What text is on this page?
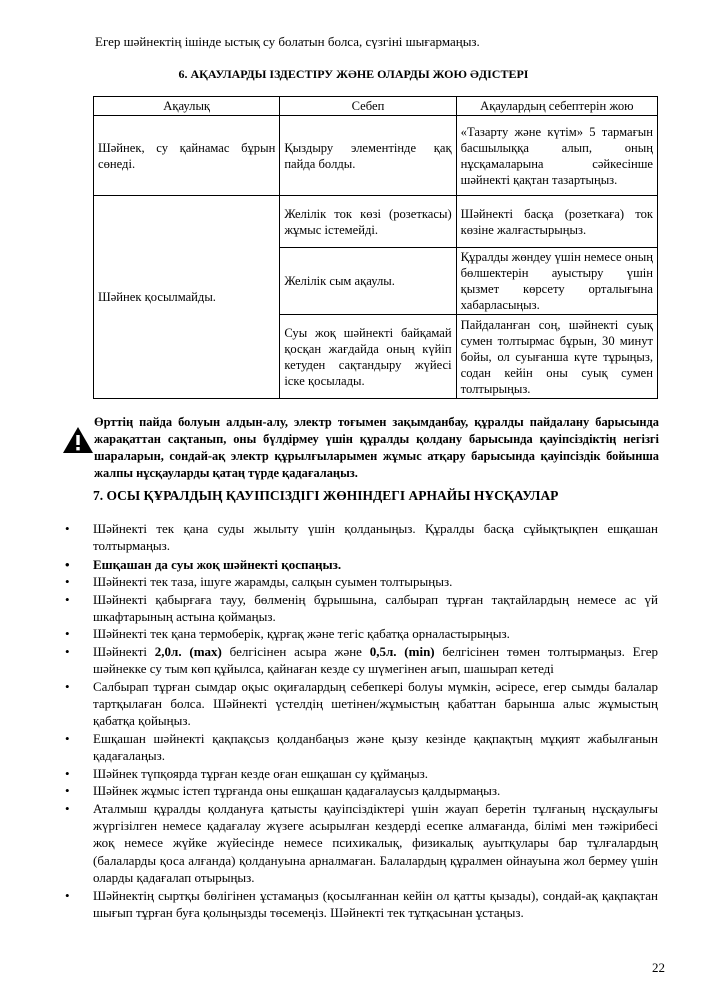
Егер шәйнектің ішінде ыстық су болатын болса, сүзгіні шығармаңыз.
6. АҚАУЛАРДЫ ІЗДЕСТІРУ ЖӘНЕ ОЛАРДЫ ЖОЮ ӘДІСТЕРІ
Ақаулық	Себеп	Ақаулардың себептерін жою
Шәйнек, су қайнамас бұрын сөнеді.	Қыздыру элементінде қақ пайда болды.	«Тазарту және күтім» 5 тармағын басшылыққа алып, оның нұсқамаларына сәйкесінше шәйнекті қақтан тазартыңыз.
Шәйнек қосылмайды.	Желілік ток көзі (розеткасы) жұмыс істемейді.	Шәйнекті басқа (розеткаға) ток көзіне жалғастырыңыз.
	Желілік сым ақаулы.	Құралды жөндеу үшін немесе оның бөлшектерін ауыстыру үшін қызмет көрсету орталығына хабарласыңыз.
	Суы жоқ шәйнекті байқамай қосқан жағдайда оның күйіп кетуден сақтандыру жүйесі іске қосылады.	Пайдаланған соң, шәйнекті суық сумен толтырмас бұрын, 30 минут бойы, ол суығанша күте тұрыңыз, содан кейін оны суық сумен толтырыңыз.
Өрттің пайда болуын алдын-алу, электр тоғымен зақымданбау, құралды пайдалану барысында жарақаттан сақтанып, оны бүлдірмеу үшін құралды қолдану барысында қауіпсіздіктің негізгі шараларын, сондай-ақ электр құрылғыларымен жұмыс атқару барысында қауіпсіздік бойынша жалпы нұсқауларды қатаң түрде қадағалаңыз.
7. ОСЫ ҚҰРАЛДЫҢ ҚАУІПСІЗДІГІ ЖӨНІНДЕГІ АРНАЙЫ НҰСҚАУЛАР
• Шәйнекті тек қана суды жылыту үшін қолданыңыз. Құралды басқа сұйықтықпен ешқашан толтырмаңыз.
• Ешқашан да суы жоқ шәйнекті қоспаңыз.
• Шәйнекті тек таза, ішуге жарамды, салқын суымен толтырыңыз.
• Шәйнекті қабырғаға тауу, бөлменің бұрышына, салбырап тұрған тақтайлардың немесе ас үй шкафтарының астына қоймаңыз.
• Шәйнекті тек қана термоберік, құрғақ және тегіс қабатқа орналастырыңыз.
• Шәйнекті 2,0л. (max) белгісінен асыра және 0,5л. (min) белгісінен төмен толтырмаңыз. Егер шәйнекке су тым көп құйылса, қайнаған кезде су шүмегінен ағып, шашырап кетеді
• Салбырап тұрған сымдар оқыс оқиғалардың себепкері болуы мүмкін, әсіресе, егер сымды балалар тартқылаған болса. Шәйнекті үстелдің шетінен/жұмыстың қабаттан барынша алыс жұмыстың қабатқа қойыңыз.
• Ешқашан шәйнекті қақпақсыз қолданбаңыз және қызу кезінде қақпақтың мұқият жабылғанын қадағалаңыз.
• Шәйнек түпқоярда тұрған кезде оған ешқашан су құймаңыз.
• Шәйнек жұмыс істеп тұрғанда оны ешқашан қадағалаусыз қалдырмаңыз.
• Аталмыш құралды қолдануға қатысты қауіпсіздіктері үшін жауап беретін тұлғаның нұсқаулығы жүргізілген немесе қадағалау жүзеге асырылған кездерді есепке алмағанда, білімі мен тәжірибесі жоқ немесе жүйке жүйесінде немесе психикалық, физикалық ауытқулары бар тұлғалардың (балаларды қоса алғанда) қолдануына арналмаған. Балалардың құралмен ойнауына жол бермеу үшін оларды қадағалап отырыңыз.
• Шәйнектің сыртқы бөлігінен ұстамаңыз (қосылғаннан кейін ол қатты қызады), сондай-ақ қақпақтан шығып тұрған буға қолыңызды төсемеңіз. Шәйнекті тек тұтқасынан ұстаңыз.
22
